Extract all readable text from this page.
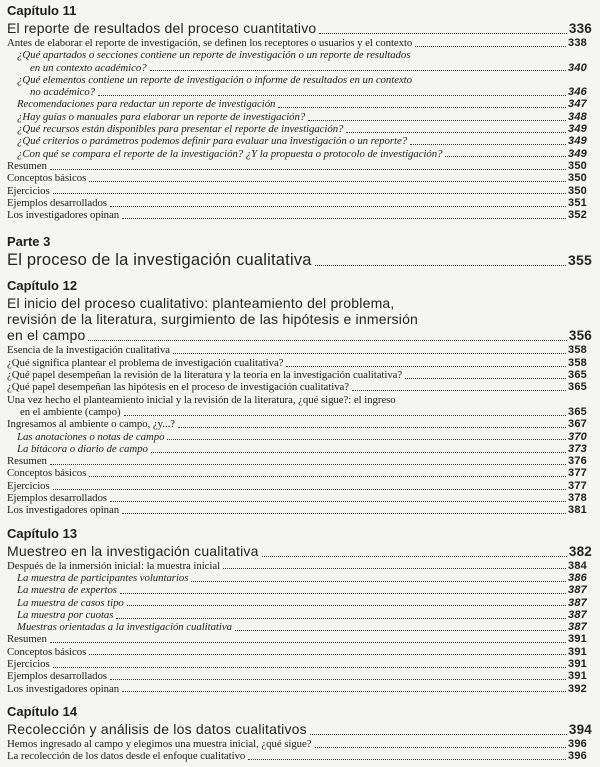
Capítulo 11
El reporte de resultados del proceso cuantitativo	336
Antes de elaborar el reporte de investigación, se definen los receptores o usuarios y el contexto	338
¿Qué apartados o secciones contiene un reporte de investigación o un reporte de resultados
en un contexto académico?	340
¿Qué elementos contiene un reporte de investigación o informe de resultados en un contexto
no académico?	346
Recomendaciones para redactar un reporte de investigación	347
¿Hay guías o manuales para elaborar un reporte de investigación?	348
¿Qué recursos están disponibles para presentar el reporte de investigación?	349
¿Qué criterios o parámetros podemos definir para evaluar una investigación o un reporte?	349
¿Con qué se compara el reporte de la investigación? ¿Y la propuesta o protocolo de investigación?	349
Resumen	350
Conceptos básicos	350
Ejercicios	350
Ejemplos desarrollados	351
Los investigadores opinan	352
Parte 3
El proceso de la investigación cualitativa	355
Capítulo 12
El inicio del proceso cualitativo: planteamiento del problema,
revisión de la literatura, surgimiento de las hipótesis e inmersión
en el campo	356
Esencia de la investigación cualitativa	358
¿Qué significa plantear el problema de investigación cualitativa?	358
¿Qué papel desempeñan la revisión de la literatura y la teoría en la investigación cualitativa?	365
¿Qué papel desempeñan las hipótesis en el proceso de investigación cualitativa?	365
Una vez hecho el planteamiento inicial y la revisión de la literatura, ¿qué sigue?: el ingreso
en el ambiente (campo)	365
Ingresamos al ambiente o campo, ¿y...?	367
Las anotaciones o notas de campo	370
La bitácora o diario de campo	373
Resumen	376
Conceptos básicos	377
Ejercicios	377
Ejemplos desarrollados	378
Los investigadores opinan	381
Capítulo 13
Muestreo en la investigación cualitativa	382
Después de la inmersión inicial: la muestra inicial	384
La muestra de participantes voluntarios	386
La muestra de expertos	387
La muestra de casos tipo	387
La muestra por cuotas	387
Muestras orientadas a la investigación cualitativa	387
Resumen	391
Conceptos básicos	391
Ejercicios	391
Ejemplos desarrollados	391
Los investigadores opinan	392
Capítulo 14
Recolección y análisis de los datos cualitativos	394
Hemos ingresado al campo y elegimos una muestra inicial, ¿qué sigue?	396
La recolección de los datos desde el enfoque cualitativo	396
